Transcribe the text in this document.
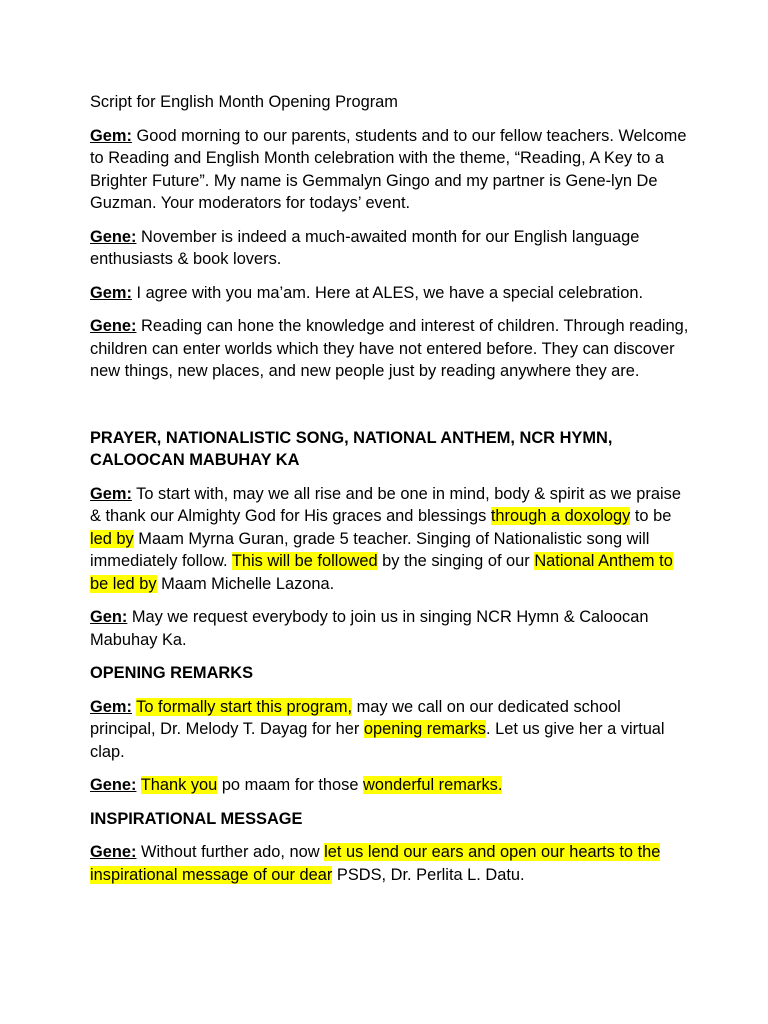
Script for English Month Opening Program

Gem: Good morning to our parents, students and to our fellow teachers. Welcome to Reading and English Month celebration with the theme, “Reading, A Key to a Brighter Future”. My name is Gemmalyn Gingo and my partner is Gene-lyn De Guzman. Your moderators for todays’ event.

Gene: November is indeed a much-awaited month for our English language enthusiasts & book lovers.

Gem: I agree with you ma’am. Here at ALES, we have a special celebration.

Gene: Reading can hone the knowledge and interest of children. Through reading, children can enter worlds which they have not entered before. They can discover new things, new places, and new people just by reading anywhere they are.

PRAYER, NATIONALISTIC SONG, NATIONAL ANTHEM, NCR HYMN, CALOOCAN MABUHAY KA

Gem: To start with, may we all rise and be one in mind, body & spirit as we praise & thank our Almighty God for His graces and blessings through a doxology to be led by Maam Myrna Guran, grade 5 teacher. Singing of Nationalistic song will immediately follow. This will be followed by the singing of our National Anthem to be led by Maam Michelle Lazona.

Gen: May we request everybody to join us in singing NCR Hymn & Caloocan Mabuhay Ka.

OPENING REMARKS

Gem: To formally start this program, may we call on our dedicated school principal, Dr. Melody T. Dayag for her opening remarks. Let us give her a virtual clap.

Gene: Thank you po maam for those wonderful remarks.

INSPIRATIONAL MESSAGE

Gene: Without further ado, now let us lend our ears and open our hearts to the inspirational message of our dear PSDS, Dr. Perlita L. Datu.
